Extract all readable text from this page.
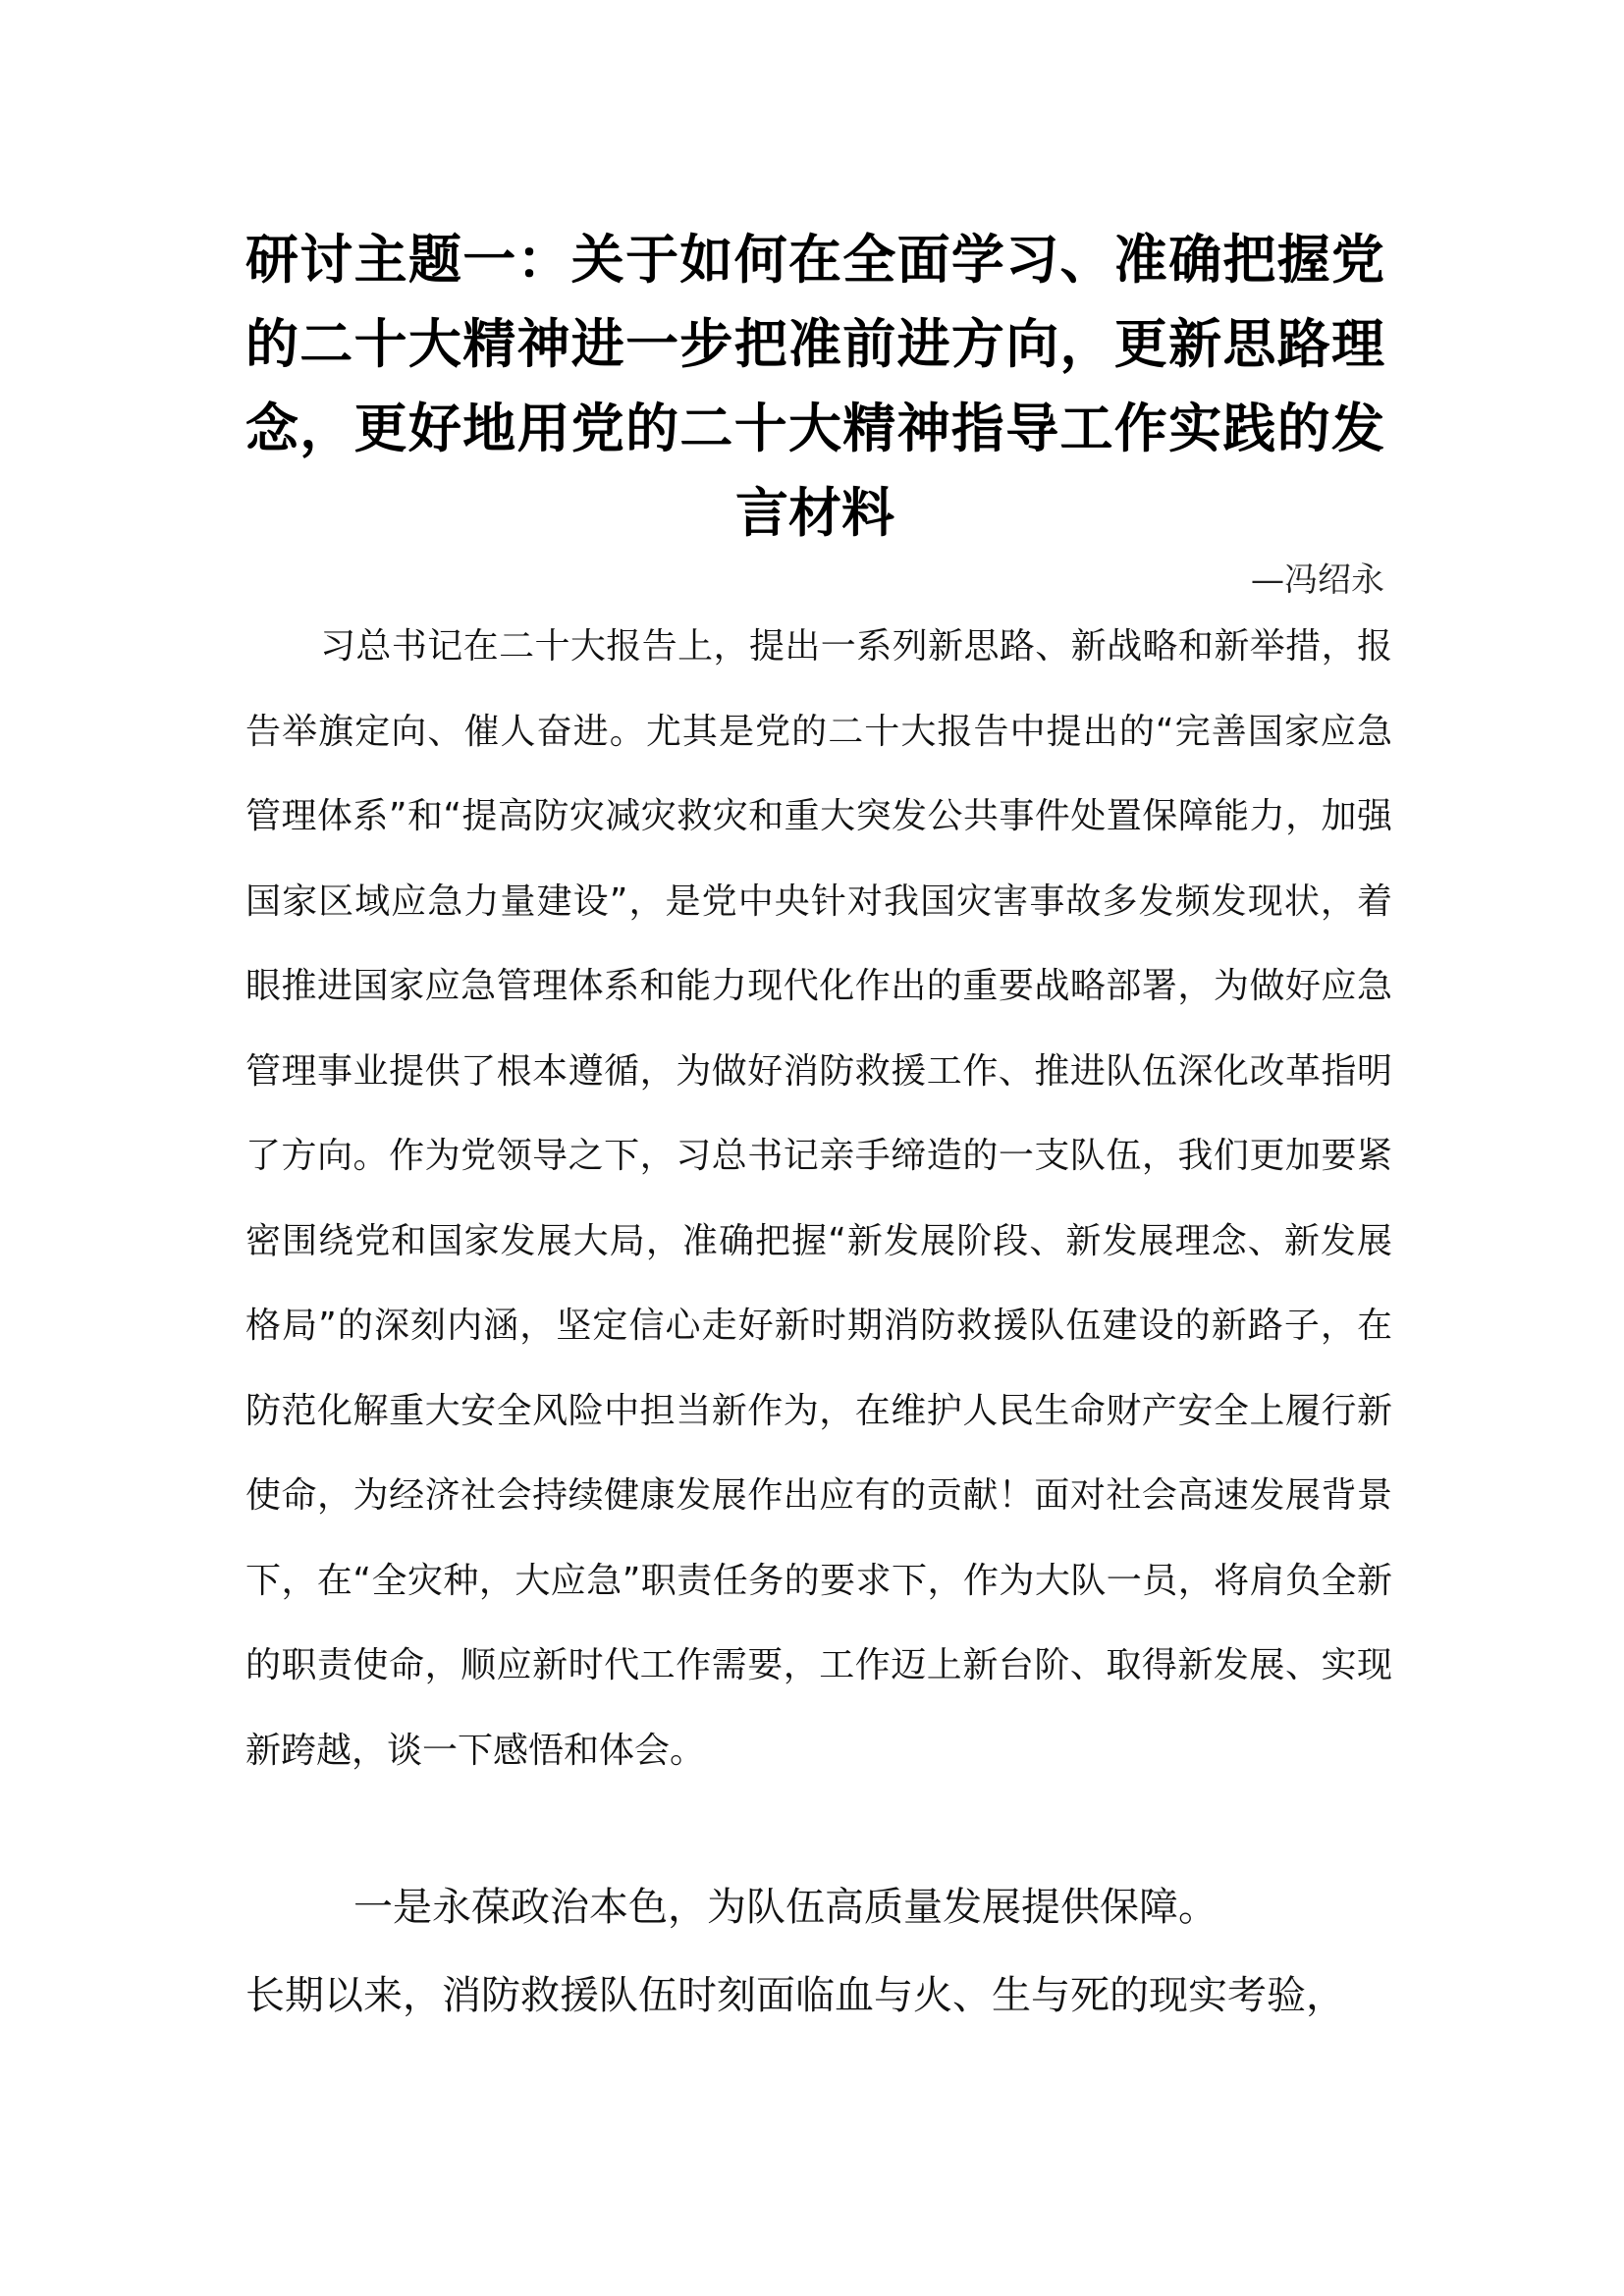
研讨主题一：关于如何在全面学习、准确把握党的二十大精神进一步把准前进方向，更新思路理念，更好地用党的二十大精神指导工作实践的发言材料

—冯绍永

习总书记在二十大报告上，提出一系列新思路、新战略和新举措，报告举旗定向、催人奋进。尤其是党的二十大报告中提出的“完善国家应急管理体系”和“提高防灾减灾救灾和重大突发公共事件处置保障能力，加强国家区域应急力量建设”，是党中央针对我国灾害事故多发频发现状，着眼推进国家应急管理体系和能力现代化作出的重要战略部署，为做好应急管理事业提供了根本遵循，为做好消防救援工作、推进队伍深化改革指明了方向。作为党领导之下，习总书记亲手缔造的一支队伍，我们更加要紧密围绕党和国家发展大局，准确把握“新发展阶段、新发展理念、新发展格局”的深刻内涵，坚定信心走好新时期消防救援队伍建设的新路子，在防范化解重大安全风险中担当新作为，在维护人民生命财产安全上履行新使命，为经济社会持续健康发展作出应有的贡献！面对社会高速发展背景下，在“全灾种，大应急”职责任务的要求下，作为大队一员，将肩负全新的职责使命，顺应新时代工作需要，工作迈上新台阶、取得新发展、实现新跨越，谈一下感悟和体会。

一是永葆政治本色，为队伍高质量发展提供保障。
长期以来，消防救援队伍时刻面临血与火、生与死的现实考验，
